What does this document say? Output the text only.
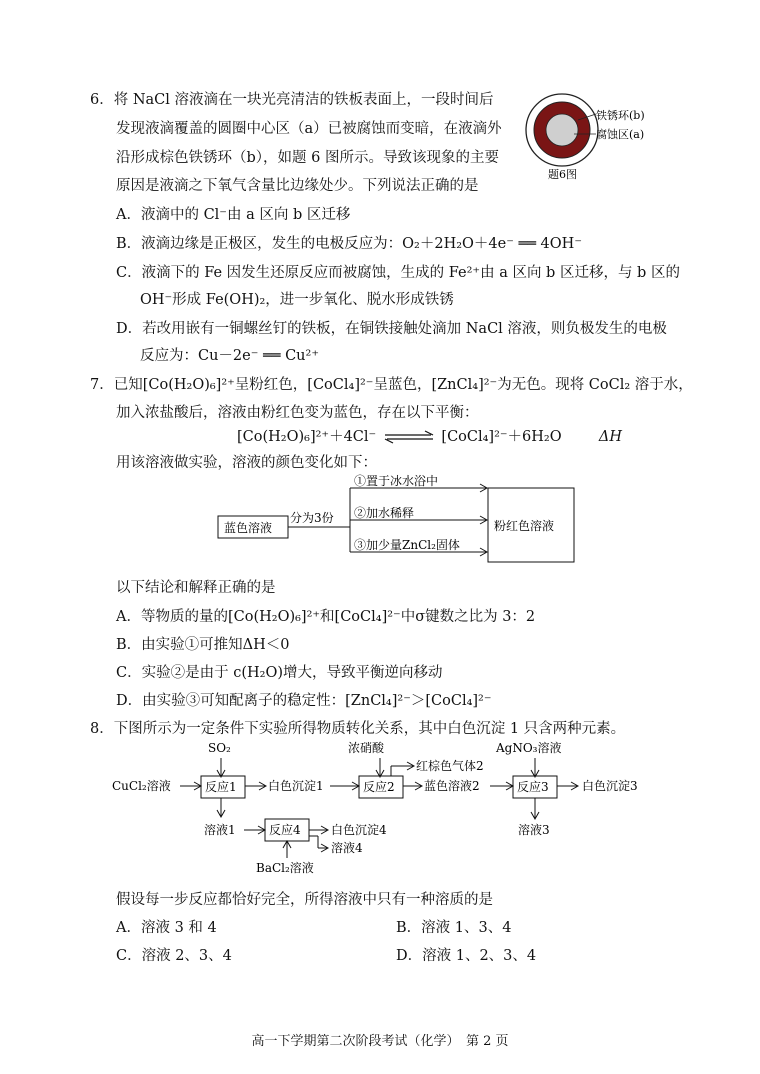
6．将 NaCl 溶液滴在一块光亮清洁的铁板表面上，一段时间后
发现液滴覆盖的圆圈中心区（a）已被腐蚀而变暗，在液滴外
沿形成棕色铁锈环（b），如题 6 图所示。导致该现象的主要
原因是液滴之下氧气含量比边缘处少。下列说法正确的是
铁锈环(b)
腐蚀区(a)
题6图
A．液滴中的 Cl⁻由 a 区向 b 区迁移
B．液滴边缘是正极区，发生的电极反应为：O₂＋2H₂O＋4e⁻ ══ 4OH⁻
C．液滴下的 Fe 因发生还原反应而被腐蚀，生成的 Fe²⁺由 a 区向 b 区迁移，与 b 区的
OH⁻形成 Fe(OH)₂，进一步氧化、脱水形成铁锈
D．若改用嵌有一铜螺丝钉的铁板，在铜铁接触处滴加 NaCl 溶液，则负极发生的电极
反应为：Cu－2e⁻ ══ Cu²⁺
7．已知[Co(H₂O)₆]²⁺呈粉红色，[CoCl₄]²⁻呈蓝色，[ZnCl₄]²⁻为无色。现将 CoCl₂ 溶于水，
加入浓盐酸后，溶液由粉红色变为蓝色，存在以下平衡：
[Co(H₂O)₆]²⁺＋4Cl⁻ ⇌ [CoCl₄]²⁻＋6H₂O	ΔH
用该溶液做实验，溶液的颜色变化如下：
蓝色溶液
分为3份
①置于冰水浴中
②加水稀释
③加少量ZnCl₂固体
粉红色溶液
以下结论和解释正确的是
A．等物质的量的[Co(H₂O)₆]²⁺和[CoCl₄]²⁻中σ键数之比为 3：2
B．由实验①可推知ΔH＜0
C．实验②是由于 c(H₂O)增大，导致平衡逆向移动
D．由实验③可知配离子的稳定性：[ZnCl₄]²⁻＞[CoCl₄]²⁻
8．下图所示为一定条件下实验所得物质转化关系，其中白色沉淀 1 只含两种元素。
SO₂
CuCl₂溶液	反应1	白色沉淀1
浓硝酸
反应2
红棕色气体2
蓝色溶液2
AgNO₃溶液
反应3	白色沉淀3
溶液3
溶液1	反应4	白色沉淀4
溶液4
BaCl₂溶液
假设每一步反应都恰好完全，所得溶液中只有一种溶质的是
A．溶液 3 和 4	B．溶液 1、3、4
C．溶液 2、3、4	D．溶液 1、2、3、4
高一下学期第二次阶段考试（化学）　第 2 页
